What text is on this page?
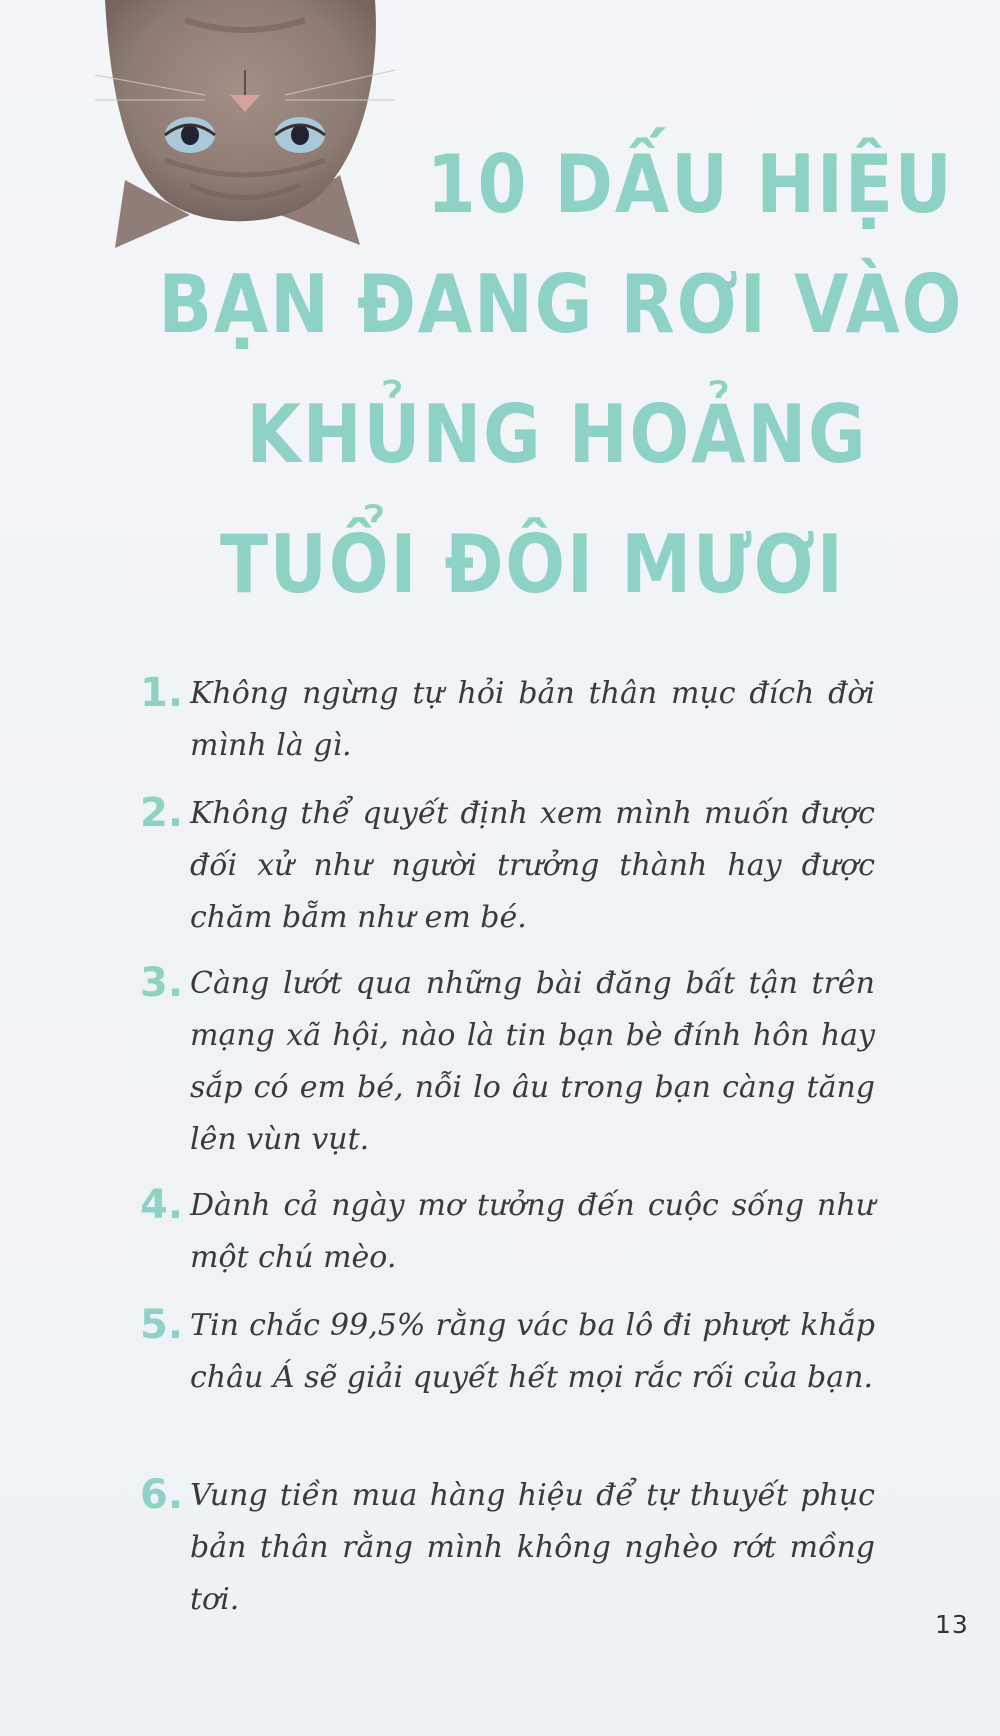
10 DẤU HIỆU
BẠN ĐANG RƠI VÀO
KHỦNG HOẢNG
TUỔI ĐÔI MƯƠI
1. Không ngừng tự hỏi bản thân mục đích đời mình là gì.
2. Không thể quyết định xem mình muốn được đối xử như người trưởng thành hay được chăm bẵm như em bé.
3. Càng lướt qua những bài đăng bất tận trên mạng xã hội, nào là tin bạn bè đính hôn hay sắp có em bé, nỗi lo âu trong bạn càng tăng lên vùn vụt.
4. Dành cả ngày mơ tưởng đến cuộc sống như một chú mèo.
5. Tin chắc 99,5% rằng vác ba lô đi phượt khắp châu Á sẽ giải quyết hết mọi rắc rối của bạn.
6. Vung tiền mua hàng hiệu để tự thuyết phục bản thân rằng mình không nghèo rớt mồng tơi.
13
